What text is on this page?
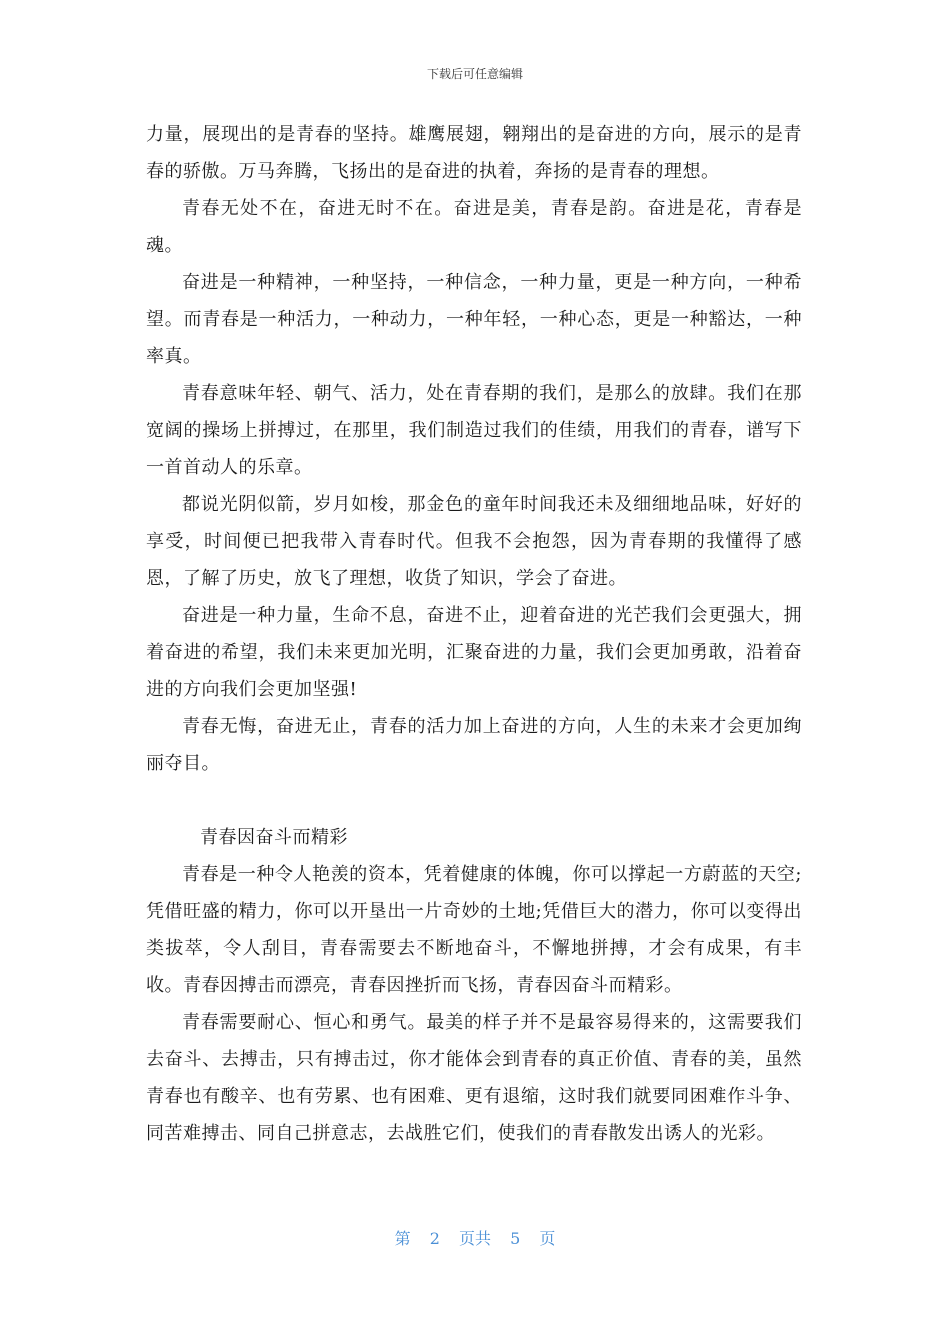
下载后可任意编辑

力量，展现出的是青春的坚持。雄鹰展翅，翱翔出的是奋进的方向，展示的是青春的骄傲。万马奔腾，飞扬出的是奋进的执着，奔扬的是青春的理想。

青春无处不在，奋进无时不在。奋进是美，青春是韵。奋进是花，青春是魂。

奋进是一种精神，一种坚持，一种信念，一种力量，更是一种方向，一种希望。而青春是一种活力，一种动力，一种年轻，一种心态，更是一种豁达，一种率真。

青春意味年轻、朝气、活力，处在青春期的我们，是那么的放肆。我们在那宽阔的操场上拼搏过，在那里，我们制造过我们的佳绩，用我们的青春，谱写下一首首动人的乐章。

都说光阴似箭，岁月如梭，那金色的童年时间我还未及细细地品味，好好的享受，时间便已把我带入青春时代。但我不会抱怨，因为青春期的我懂得了感恩，了解了历史，放飞了理想，收货了知识，学会了奋进。

奋进是一种力量，生命不息，奋进不止，迎着奋进的光芒我们会更强大，拥着奋进的希望，我们未来更加光明，汇聚奋进的力量，我们会更加勇敢，沿着奋进的方向我们会更加坚强!

青春无悔，奋进无止，青春的活力加上奋进的方向，人生的未来才会更加绚丽夺目。

青春因奋斗而精彩

青春是一种令人艳羡的资本，凭着健康的体魄，你可以撑起一方蔚蓝的天空;凭借旺盛的精力，你可以开垦出一片奇妙的土地;凭借巨大的潜力，你可以变得出类拔萃，令人刮目，青春需要去不断地奋斗，不懈地拼搏，才会有成果，有丰收。青春因搏击而漂亮，青春因挫折而飞扬，青春因奋斗而精彩。

青春需要耐心、恒心和勇气。最美的样子并不是最容易得来的，这需要我们去奋斗、去搏击，只有搏击过，你才能体会到青春的真正价值、青春的美，虽然青春也有酸辛、也有劳累、也有困难、更有退缩，这时我们就要同困难作斗争、同苦难搏击、同自己拼意志，去战胜它们，使我们的青春散发出诱人的光彩。

第 2 页共 5 页
